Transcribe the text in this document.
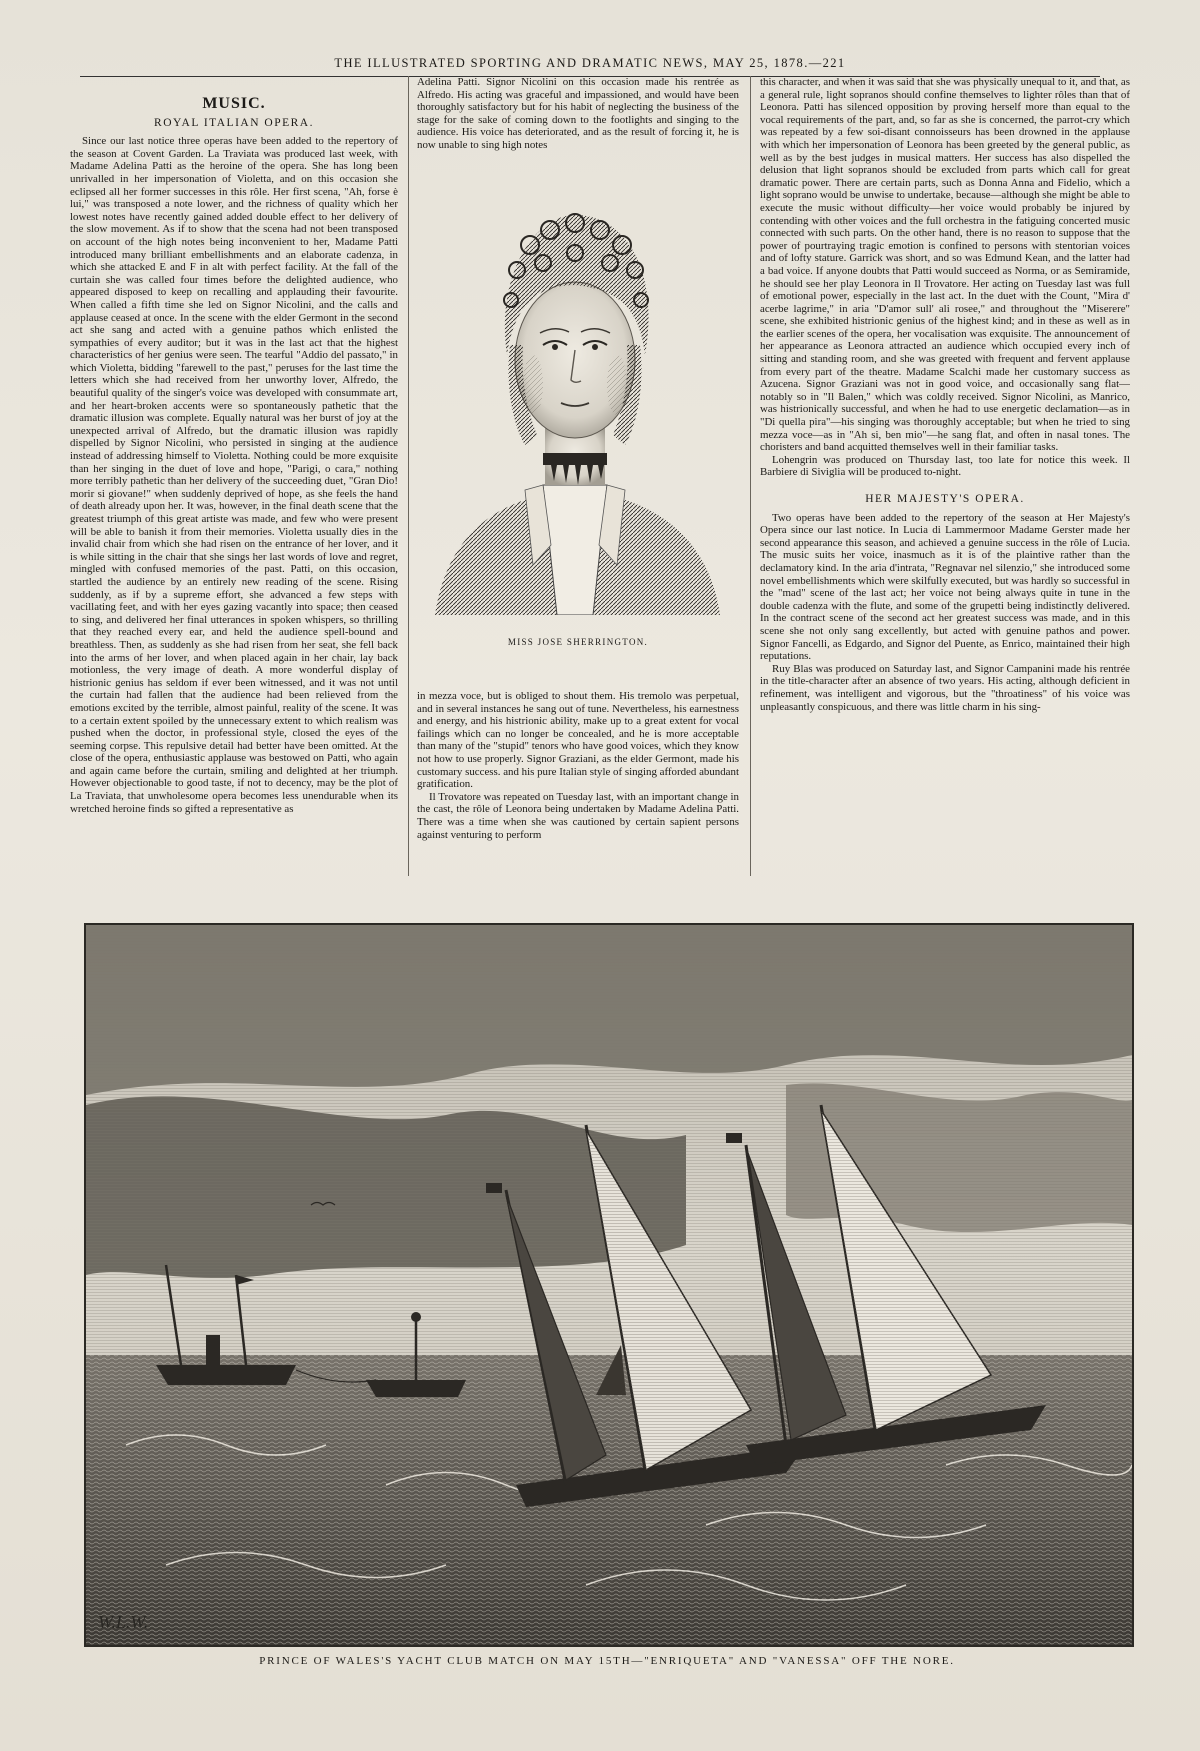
THE ILLUSTRATED SPORTING AND DRAMATIC NEWS, MAY 25, 1878.—221
MUSIC.
ROYAL ITALIAN OPERA.

Since our last notice three operas have been added to the repertory of the season at Covent Garden. La Traviata was produced last week, with Madame Adelina Patti as the heroine of the opera. She has long been unrivalled in her impersonation of Violetta, and on this occasion she eclipsed all her former successes in this rôle. Her first scena, "Ah, forse è lui," was transposed a note lower, and the richness of quality which her lowest notes have recently gained added double effect to her delivery of the slow movement. As if to show that the scena had not been transposed on account of the high notes being inconvenient to her, Madame Patti introduced many brilliant embellishments and an elaborate cadenza, in which she attacked E and F in alt with perfect facility. At the fall of the curtain she was called four times before the delighted audience, who appeared disposed to keep on recalling and applauding their favourite. When called a fifth time she led on Signor Nicolini, and the calls and applause ceased at once. In the scene with the elder Germont in the second act she sang and acted with a genuine pathos which enlisted the sympathies of every auditor; but it was in the last act that the highest characteristics of her genius were seen. The tearful "Addio del passato," in which Violetta, bidding "farewell to the past," peruses for the last time the letters which she had received from her unworthy lover, Alfredo, the beautiful quality of the singer's voice was developed with consummate art, and her heart-broken accents were so spontaneously pathetic that the dramatic illusion was complete. Equally natural was her burst of joy at the unexpected arrival of Alfredo, but the dramatic illusion was rapidly dispelled by Signor Nicolini, who persisted in singing at the audience instead of addressing himself to Violetta. Nothing could be more exquisite than her singing in the duet of love and hope, "Parigi, o cara," nothing more terribly pathetic than her delivery of the succeeding duet, "Gran Dio! morir si giovane!" when suddenly deprived of hope, as she feels the hand of death already upon her. It was, however, in the final death scene that the greatest triumph of this great artiste was made, and few who were present will be able to banish it from their memories. Violetta usually dies in the invalid chair from which she had risen on the entrance of her lover, and it is while sitting in the chair that she sings her last words of love and regret, mingled with confused memories of the past. Patti, on this occasion, startled the audience by an entirely new reading of the scene. Rising suddenly, as if by a supreme effort, she advanced a few steps with vacillating feet, and with her eyes gazing vacantly into space; then ceased to sing, and delivered her final utterances in spoken whispers, so thrilling that they reached every ear, and held the audience spell-bound and breathless. Then, as suddenly as she had risen from her seat, she fell back into the arms of her lover, and when placed again in her chair, lay back motionless, the very image of death. A more wonderful display of histrionic genius has seldom if ever been witnessed, and it was not until the curtain had fallen that the audience had been relieved from the emotions excited by the terrible, almost painful, reality of the scene. It was to a certain extent spoiled by the unnecessary extent to which realism was pushed when the doctor, in professional style, closed the eyes of the seeming corpse. This repulsive detail had better have been omitted. At the close of the opera, enthusiastic applause was bestowed on Patti, who again and again came before the curtain, smiling and delighted at her triumph. However objectionable to good taste, if not to decency, may be the plot of La Traviata, that unwholesome opera becomes less unendurable when its wretched heroine finds so gifted a representative as

Adelina Patti. Signor Nicolini on this occasion made his rentrée as Alfredo. His acting was graceful and impassioned, and would have been thoroughly satisfactory but for his habit of neglecting the business of the stage for the sake of coming down to the footlights and singing to the audience. His voice has deteriorated, and as the result of forcing it, he is now unable to sing high notes

MISS JOSE SHERRINGTON.

in mezza voce, but is obliged to shout them. His tremolo was perpetual, and in several instances he sang out of tune. Nevertheless, his earnestness and energy, and his histrionic ability, make up to a great extent for vocal failings which can no longer be concealed, and he is more acceptable than many of the "stupid" tenors who have good voices, which they know not how to use properly. Signor Graziani, as the elder Germont, made his customary success. and his pure Italian style of singing afforded abundant gratification.

Il Trovatore was repeated on Tuesday last, with an important change in the cast, the rôle of Leonora being undertaken by Madame Adelina Patti. There was a time when she was cautioned by certain sapient persons against venturing to perform

this character, and when it was said that she was physically unequal to it, and that, as a general rule, light sopranos should confine themselves to lighter rôles than that of Leonora. Patti has silenced opposition by proving herself more than equal to the vocal requirements of the part, and, so far as she is concerned, the parrot-cry which was repeated by a few soi-disant connoisseurs has been drowned in the applause with which her impersonation of Leonora has been greeted by the general public, as well as by the best judges in musical matters. Her success has also dispelled the delusion that light sopranos should be excluded from parts which call for great dramatic power. There are certain parts, such as Donna Anna and Fidelio, which a light soprano would be unwise to undertake, because—although she might be able to execute the music without difficulty—her voice would probably be injured by contending with other voices and the full orchestra in the fatiguing concerted music connected with such parts. On the other hand, there is no reason to suppose that the power of pourtraying tragic emotion is confined to persons with stentorian voices and of lofty stature. Garrick was short, and so was Edmund Kean, and the latter had a bad voice. If anyone doubts that Patti would succeed as Norma, or as Semiramide, he should see her play Leonora in Il Trovatore. Her acting on Tuesday last was full of emotional power, especially in the last act. In the duet with the Count, "Mira d' acerbe lagrime," in aria "D'amor sull' ali rosee," and throughout the "Miserere" scene, she exhibited histrionic genius of the highest kind; and in these as well as in the earlier scenes of the opera, her vocalisation was exquisite. The announcement of her appearance as Leonora attracted an audience which occupied every inch of sitting and standing room, and she was greeted with frequent and fervent applause from every part of the theatre. Madame Scalchi made her customary success as Azucena. Signor Graziani was not in good voice, and occasionally sang flat—notably so in "Il Balen," which was coldly received. Signor Nicolini, as Manrico, was histrionically successful, and when he had to use energetic declamation—as in "Di quella pira"—his singing was thoroughly acceptable; but when he tried to sing mezza voce—as in "Ah si, ben mio"—he sang flat, and often in nasal tones. The choristers and band acquitted themselves well in their familiar tasks.

Lohengrin was produced on Thursday last, too late for notice this week. Il Barbiere di Siviglia will be produced to-night.

HER MAJESTY'S OPERA.

Two operas have been added to the repertory of the season at Her Majesty's Opera since our last notice. In Lucia di Lammermoor Madame Gerster made her second appearance this season, and achieved a genuine success in the rôle of Lucia. The music suits her voice, inasmuch as it is of the plaintive rather than the declamatory kind. In the aria d'intrata, "Regnavar nel silenzio," she introduced some novel embellishments which were skilfully executed, but was hardly so successful in the "mad" scene of the last act; her voice not being always quite in tune in the double cadenza with the flute, and some of the grupetti being indistinctly delivered. In the contract scene of the second act her greatest success was made, and in this scene she not only sang excellently, but acted with genuine pathos and power. Signor Fancelli, as Edgardo, and Signor del Puente, as Enrico, maintained their high reputations.

Ruy Blas was produced on Saturday last, and Signor Campanini made his rentrée in the title-character after an absence of two years. His acting, although deficient in refinement, was intelligent and vigorous, but the "throatiness" of his voice was unpleasantly conspicuous, and there was little charm in his sing-

W.L.W.
PRINCE OF WALES'S YACHT CLUB MATCH ON MAY 15TH—"ENRIQUETA" AND "VANESSA" OFF THE NORE.
